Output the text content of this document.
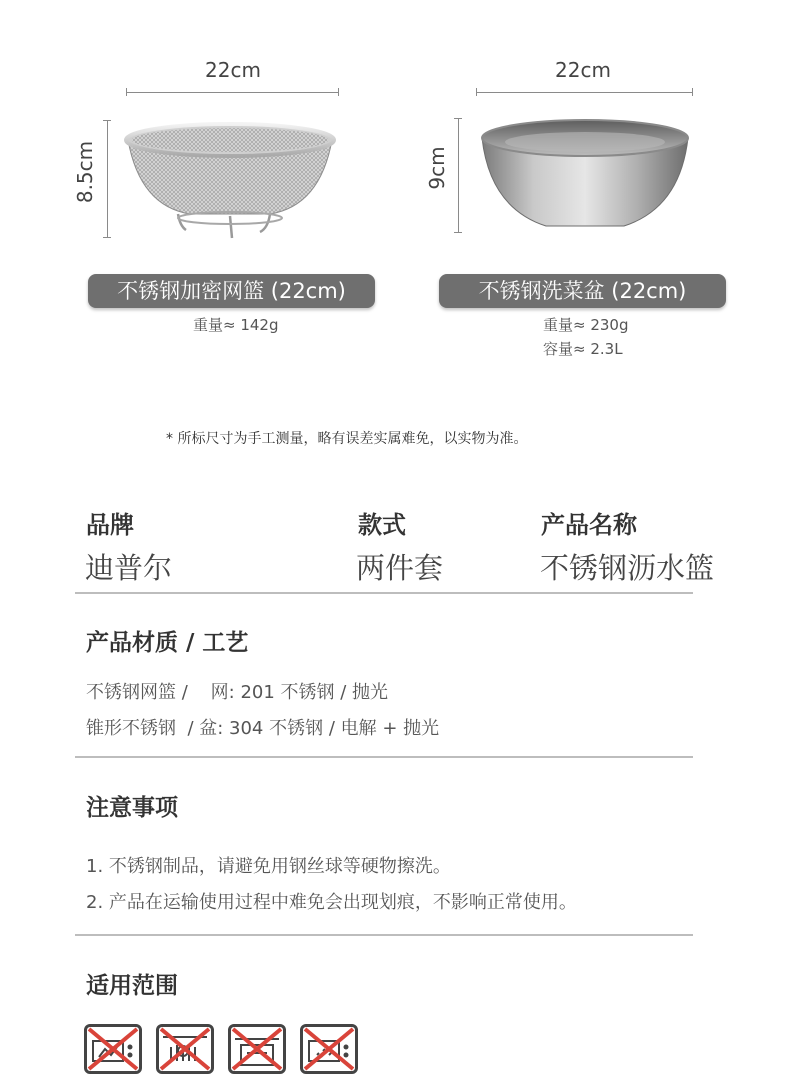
22cm
8.5cm
不锈钢加密网篮 (22cm)
重量≈ 142g
22cm
9cm
不锈钢洗菜盆 (22cm)
重量≈ 230g
容量≈ 2.3L
* 所标尺寸为手工测量，略有误差实属难免，以实物为准。
品牌	款式	产品名称
迪普尔	两件套	不锈钢沥水篮
产品材质 / 工艺
不锈钢网篮 /    网: 201 不锈钢 / 抛光
锥形不锈钢  / 盆: 304 不锈钢 / 电解 + 抛光
注意事项
1. 不锈钢制品，请避免用钢丝球等硬物擦洗。
2. 产品在运输使用过程中难免会出现划痕，不影响正常使用。
适用范围
